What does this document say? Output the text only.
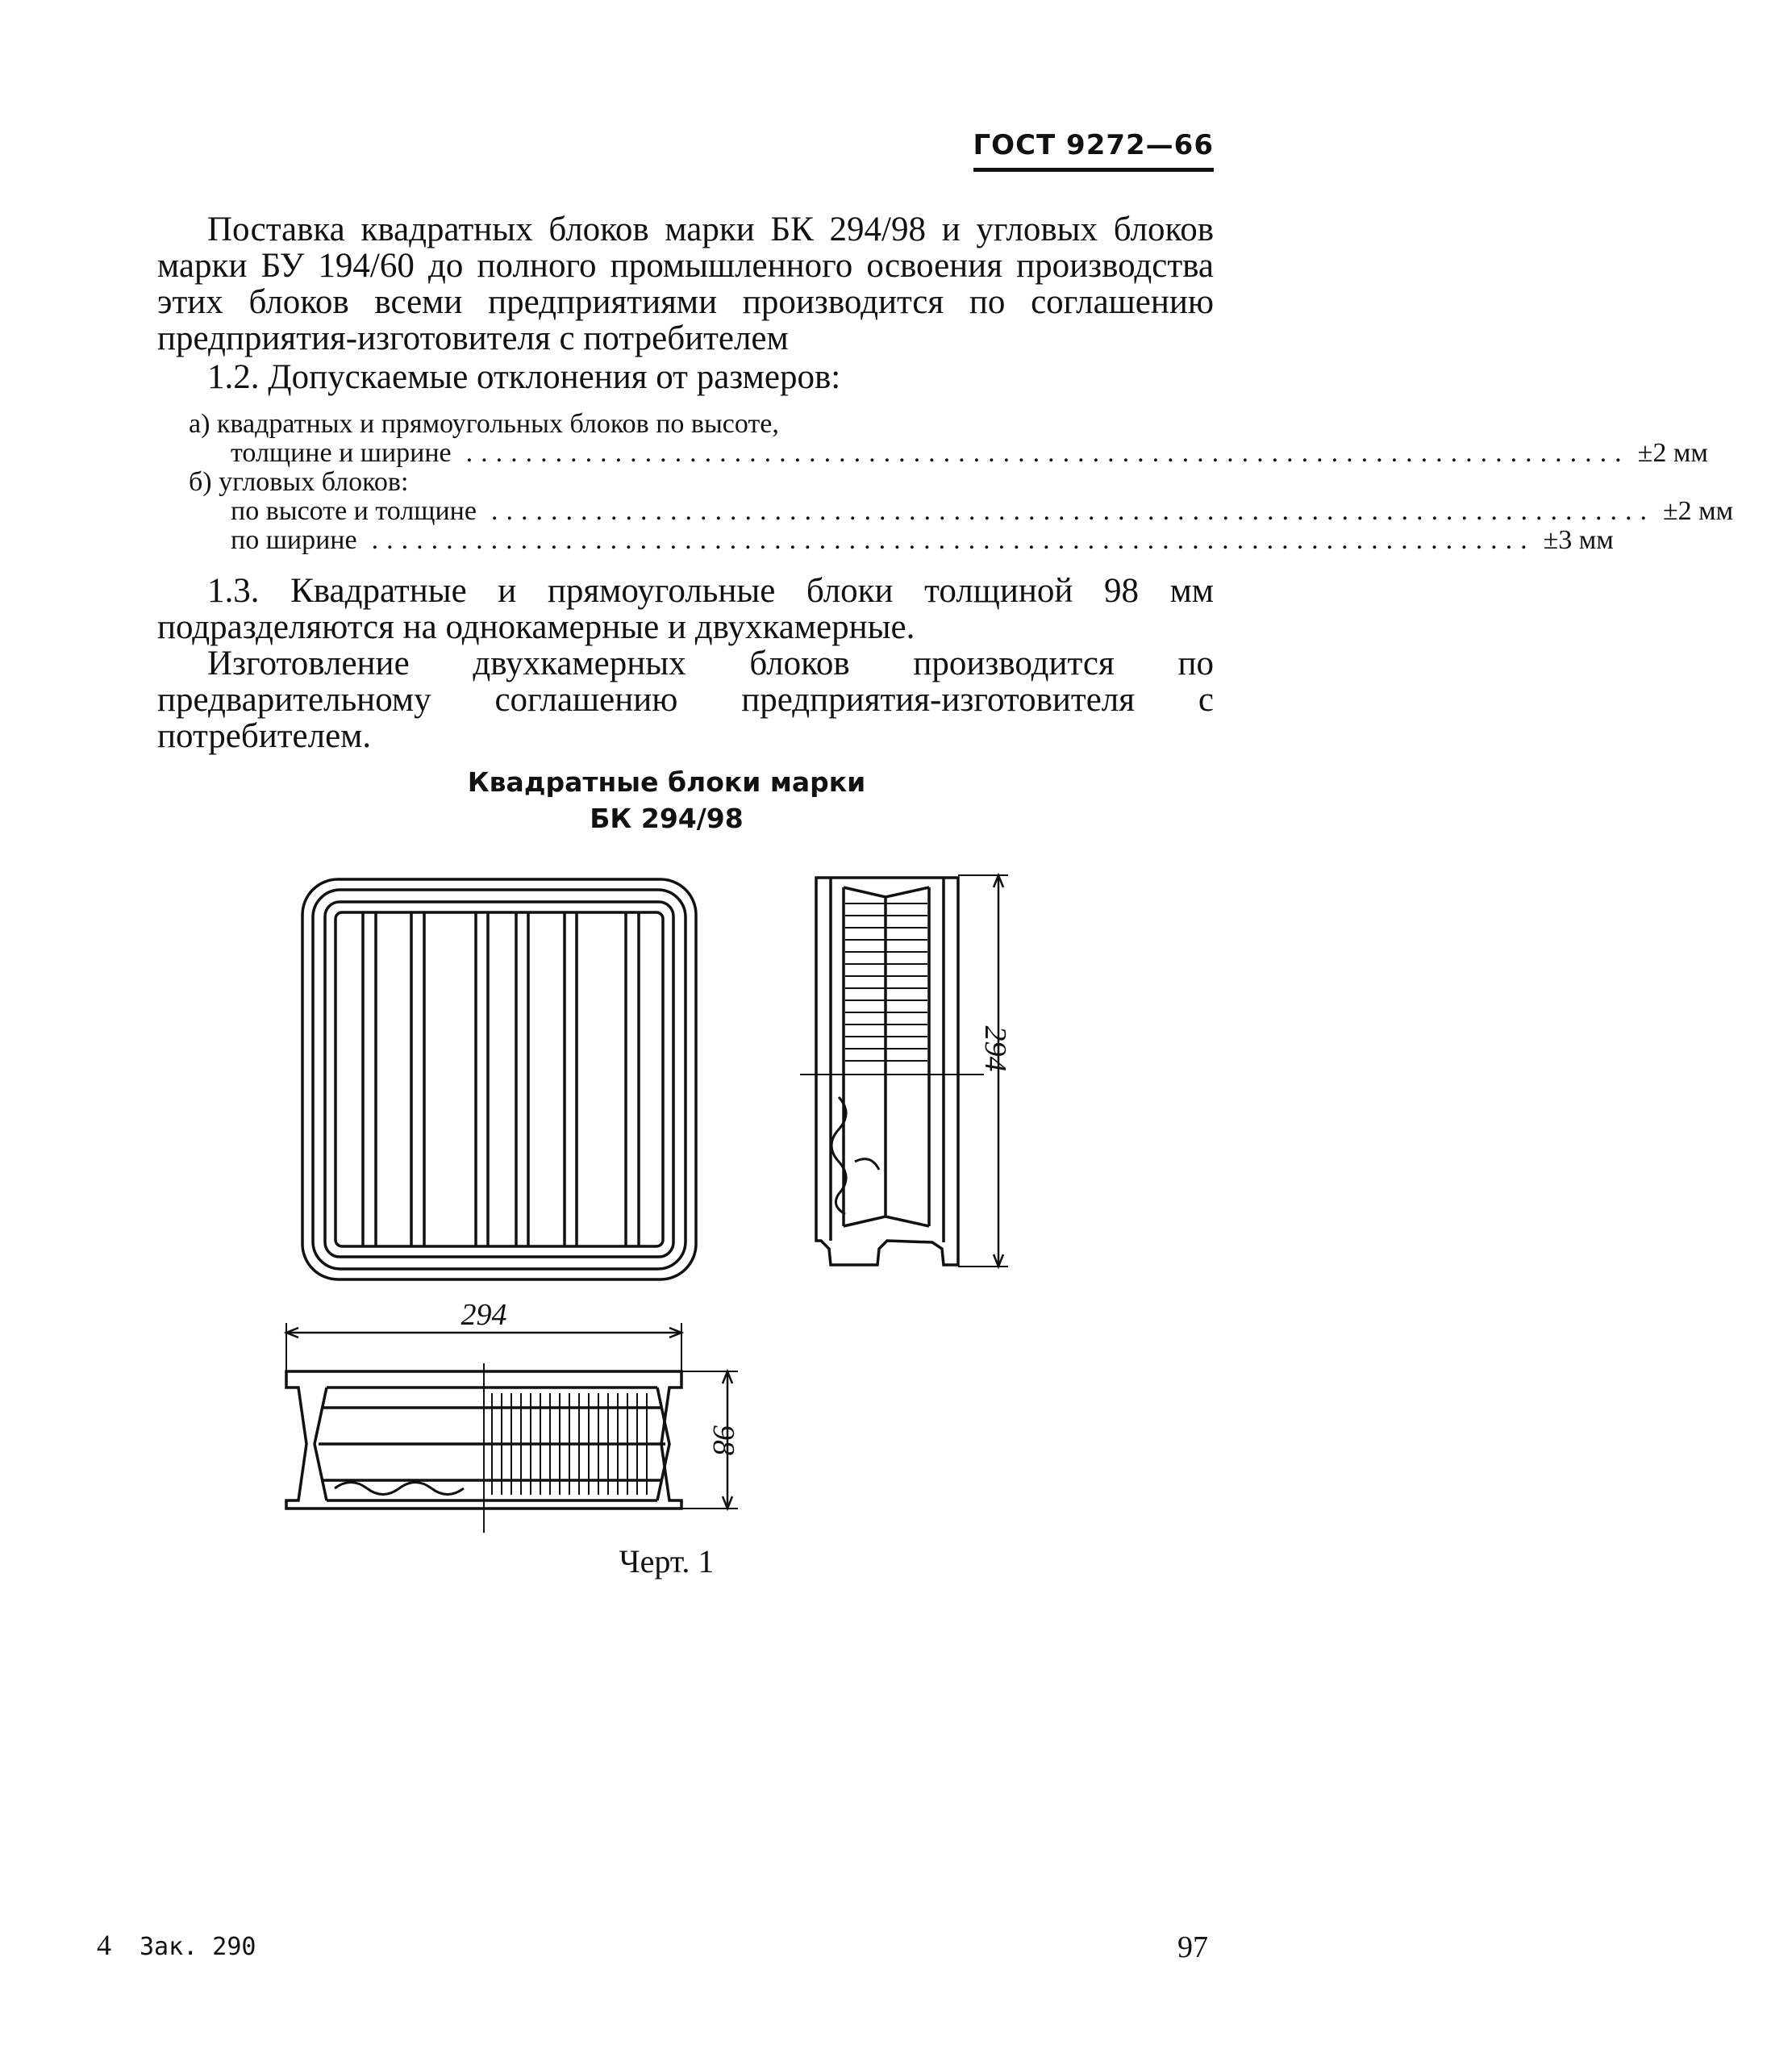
ГОСТ 9272—66

Поставка квадратных блоков марки БК 294/98 и угловых блоков марки БУ 194/60 до полного промышленного освоения производства этих блоков всеми предприятиями производится по соглашению предприятия-изготовителя с потребителем

1.2. Допускаемые отклонения от размеров:

а) квадратных и прямоугольных блоков по высоте,
толщине и ширине .............................................................................. ±2 мм
б) угловых блоков:
по высоте и толщине .............................................................................. ±2 мм
по ширине .............................................................................. ±3 мм

1.3. Квадратные и прямоугольные блоки толщиной 98 мм подразделяются на однокамерные и двухкамерные.

Изготовление двухкамерных блоков производится по предварительному соглашению предприятия-изготовителя с потребителем.

Квадратные блоки марки
БК 294/98
294
294
98
Черт. 1
4 Зак. 290	97
